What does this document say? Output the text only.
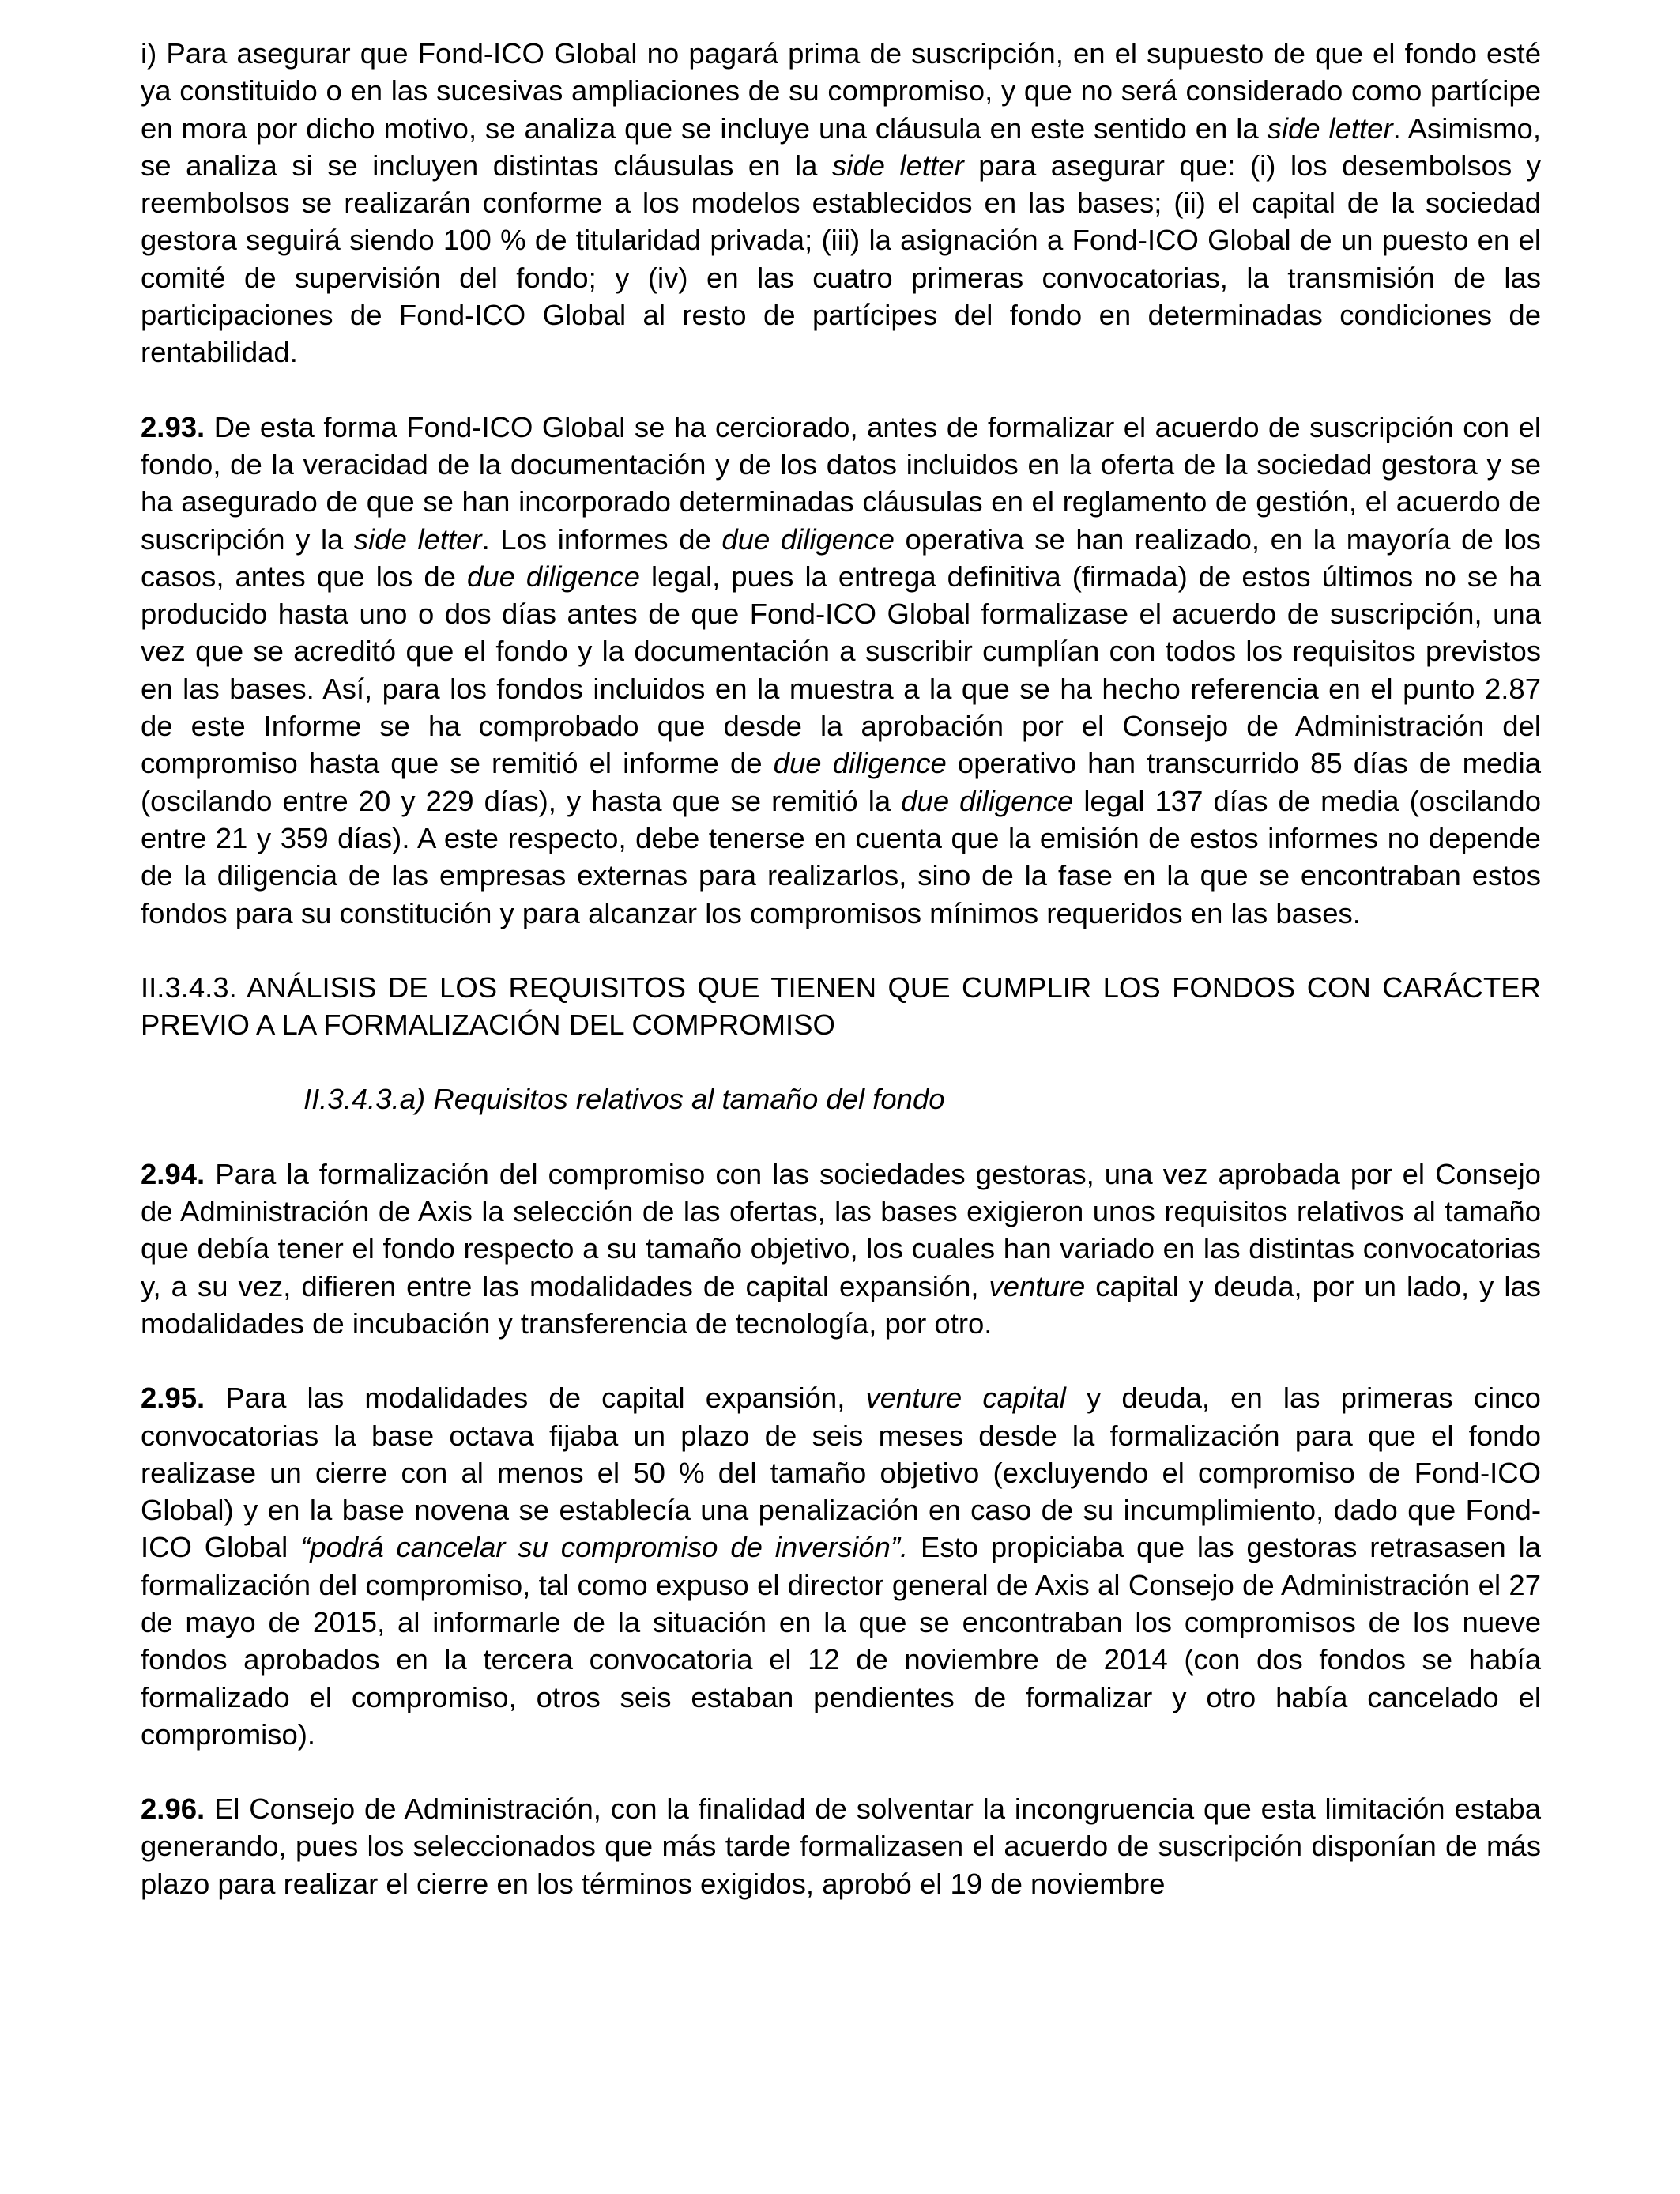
i) Para asegurar que Fond-ICO Global no pagará prima de suscripción, en el supuesto de que el fondo esté ya constituido o en las sucesivas ampliaciones de su compromiso, y que no será considerado como partícipe en mora por dicho motivo, se analiza que se incluye una cláusula en este sentido en la side letter. Asimismo, se analiza si se incluyen distintas cláusulas en la side letter para asegurar que: (i) los desembolsos y reembolsos se realizarán conforme a los modelos establecidos en las bases; (ii) el capital de la sociedad gestora seguirá siendo 100 % de titularidad privada; (iii) la asignación a Fond-ICO Global de un puesto en el comité de supervisión del fondo; y (iv) en las cuatro primeras convocatorias, la transmisión de las participaciones de Fond-ICO Global al resto de partícipes del fondo en determinadas condiciones de rentabilidad.

2.93. De esta forma Fond-ICO Global se ha cerciorado, antes de formalizar el acuerdo de suscripción con el fondo, de la veracidad de la documentación y de los datos incluidos en la oferta de la sociedad gestora y se ha asegurado de que se han incorporado determinadas cláusulas en el reglamento de gestión, el acuerdo de suscripción y la side letter. Los informes de due diligence operativa se han realizado, en la mayoría de los casos, antes que los de due diligence legal, pues la entrega definitiva (firmada) de estos últimos no se ha producido hasta uno o dos días antes de que Fond-ICO Global formalizase el acuerdo de suscripción, una vez que se acreditó que el fondo y la documentación a suscribir cumplían con todos los requisitos previstos en las bases. Así, para los fondos incluidos en la muestra a la que se ha hecho referencia en el punto 2.87 de este Informe se ha comprobado que desde la aprobación por el Consejo de Administración del compromiso hasta que se remitió el informe de due diligence operativo han transcurrido 85 días de media (oscilando entre 20 y 229 días), y hasta que se remitió la due diligence legal 137 días de media (oscilando entre 21 y 359 días). A este respecto, debe tenerse en cuenta que la emisión de estos informes no depende de la diligencia de las empresas externas para realizarlos, sino de la fase en la que se encontraban estos fondos para su constitución y para alcanzar los compromisos mínimos requeridos en las bases.

II.3.4.3. ANÁLISIS DE LOS REQUISITOS QUE TIENEN QUE CUMPLIR LOS FONDOS CON CARÁCTER PREVIO A LA FORMALIZACIÓN DEL COMPROMISO

II.3.4.3.a) Requisitos relativos al tamaño del fondo

2.94. Para la formalización del compromiso con las sociedades gestoras, una vez aprobada por el Consejo de Administración de Axis la selección de las ofertas, las bases exigieron unos requisitos relativos al tamaño que debía tener el fondo respecto a su tamaño objetivo, los cuales han variado en las distintas convocatorias y, a su vez, difieren entre las modalidades de capital expansión, venture capital y deuda, por un lado, y las modalidades de incubación y transferencia de tecnología, por otro.

2.95. Para las modalidades de capital expansión, venture capital y deuda, en las primeras cinco convocatorias la base octava fijaba un plazo de seis meses desde la formalización para que el fondo realizase un cierre con al menos el 50 % del tamaño objetivo (excluyendo el compromiso de Fond-ICO Global) y en la base novena se establecía una penalización en caso de su incumplimiento, dado que Fond-ICO Global “podrá cancelar su compromiso de inversión”. Esto propiciaba que las gestoras retrasasen la formalización del compromiso, tal como expuso el director general de Axis al Consejo de Administración el 27 de mayo de 2015, al informarle de la situación en la que se encontraban los compromisos de los nueve fondos aprobados en la tercera convocatoria el 12 de noviembre de 2014 (con dos fondos se había formalizado el compromiso, otros seis estaban pendientes de formalizar y otro había cancelado el compromiso).

2.96. El Consejo de Administración, con la finalidad de solventar la incongruencia que esta limitación estaba generando, pues los seleccionados que más tarde formalizasen el acuerdo de suscripción disponían de más plazo para realizar el cierre en los términos exigidos, aprobó el 19 de noviembre
